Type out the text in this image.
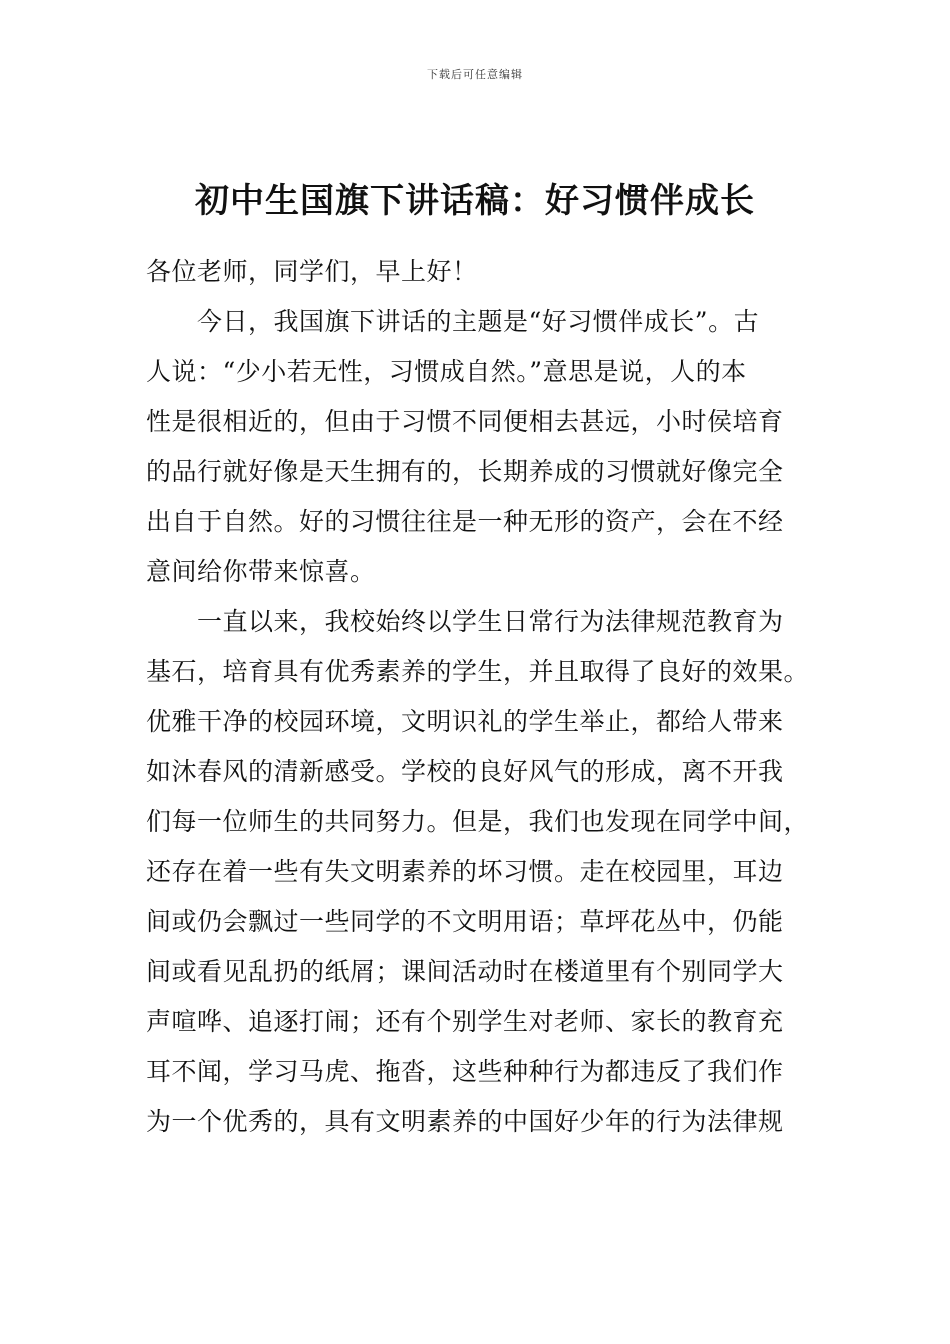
下载后可任意编辑
初中生国旗下讲话稿：好习惯伴成长
各位老师，同学们，早上好！
今日，我国旗下讲话的主题是“好习惯伴成长”。古
人说：“少小若无性，习惯成自然。”意思是说，人的本
性是很相近的，但由于习惯不同便相去甚远，小时侯培育
的品行就好像是天生拥有的，长期养成的习惯就好像完全
出自于自然。好的习惯往往是一种无形的资产，会在不经
意间给你带来惊喜。
一直以来，我校始终以学生日常行为法律规范教育为
基石，培育具有优秀素养的学生，并且取得了良好的效果。
优雅干净的校园环境，文明识礼的学生举止，都给人带来
如沐春风的清新感受。学校的良好风气的形成，离不开我
们每一位师生的共同努力。但是，我们也发现在同学中间，
还存在着一些有失文明素养的坏习惯。走在校园里，耳边
间或仍会飘过一些同学的不文明用语；草坪花丛中，仍能
间或看见乱扔的纸屑；课间活动时在楼道里有个别同学大
声喧哗、追逐打闹；还有个别学生对老师、家长的教育充
耳不闻，学习马虎、拖沓，这些种种行为都违反了我们作
为一个优秀的，具有文明素养的中国好少年的行为法律规
